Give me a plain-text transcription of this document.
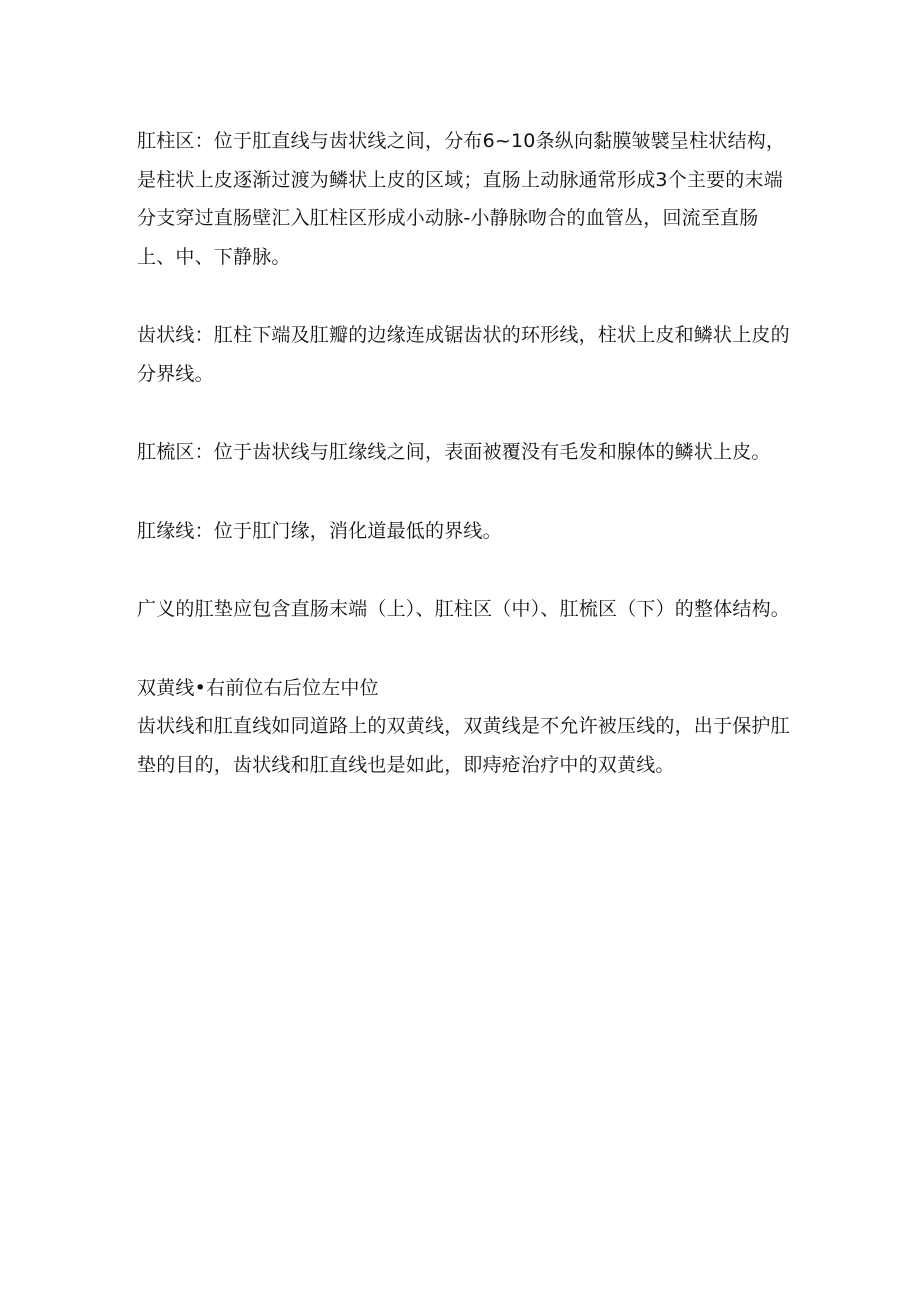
肛柱区：位于肛直线与齿状线之间，分布6~10条纵向黏膜皱襞呈柱状结构，是柱状上皮逐渐过渡为鳞状上皮的区域；直肠上动脉通常形成3个主要的末端分支穿过直肠壁汇入肛柱区形成小动脉-小静脉吻合的血管丛，回流至直肠上、中、下静脉。

齿状线：肛柱下端及肛瓣的边缘连成锯齿状的环形线，柱状上皮和鳞状上皮的分界线。

肛梳区：位于齿状线与肛缘线之间，表面被覆没有毛发和腺体的鳞状上皮。

肛缘线：位于肛门缘，消化道最低的界线。

广义的肛垫应包含直肠末端（上）、肛柱区（中）、肛梳区（下）的整体结构。

双黄线•右前位右后位左中位

齿状线和肛直线如同道路上的双黄线，双黄线是不允许被压线的，出于保护肛垫的目的，齿状线和肛直线也是如此，即痔疮治疗中的双黄线。
